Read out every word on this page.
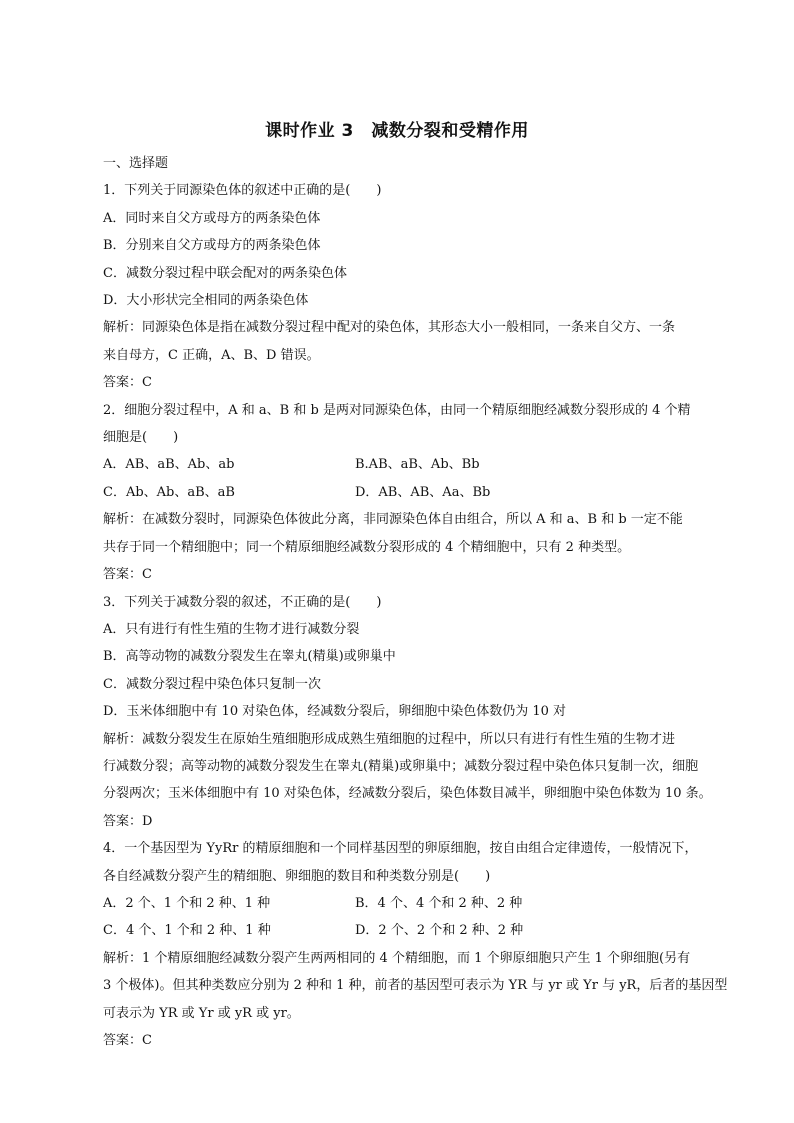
课时作业 3　减数分裂和受精作用
一、选择题
1．下列关于同源染色体的叙述中正确的是(　　)
A．同时来自父方或母方的两条染色体
B．分别来自父方或母方的两条染色体
C．减数分裂过程中联会配对的两条染色体
D．大小形状完全相同的两条染色体
解析：同源染色体是指在减数分裂过程中配对的染色体，其形态大小一般相同，一条来自父方、一条
来自母方，C 正确，A、B、D 错误。
答案：C
2．细胞分裂过程中，A 和 a、B 和 b 是两对同源染色体，由同一个精原细胞经减数分裂形成的 4 个精
细胞是(　　)
A．AB、aB、Ab、ab	B.AB、aB、Ab、Bb
C．Ab、Ab、aB、aB	D．AB、AB、Aa、Bb
解析：在减数分裂时，同源染色体彼此分离，非同源染色体自由组合，所以 A 和 a、B 和 b 一定不能
共存于同一个精细胞中；同一个精原细胞经减数分裂形成的 4 个精细胞中，只有 2 种类型。
答案：C
3．下列关于减数分裂的叙述，不正确的是(　　)
A．只有进行有性生殖的生物才进行减数分裂
B．高等动物的减数分裂发生在睾丸(精巢)或卵巢中
C．减数分裂过程中染色体只复制一次
D．玉米体细胞中有 10 对染色体，经减数分裂后，卵细胞中染色体数仍为 10 对
解析：减数分裂发生在原始生殖细胞形成成熟生殖细胞的过程中，所以只有进行有性生殖的生物才进
行减数分裂；高等动物的减数分裂发生在睾丸(精巢)或卵巢中；减数分裂过程中染色体只复制一次，细胞
分裂两次；玉米体细胞中有 10 对染色体，经减数分裂后，染色体数目减半，卵细胞中染色体数为 10 条。
答案：D
4．一个基因型为 YyRr 的精原细胞和一个同样基因型的卵原细胞，按自由组合定律遗传，一般情况下，
各自经减数分裂产生的精细胞、卵细胞的数目和种类数分别是(　　)
A．2 个、1 个和 2 种、1 种	B．4 个、4 个和 2 种、2 种
C．4 个、1 个和 2 种、1 种	D．2 个、2 个和 2 种、2 种
解析：1 个精原细胞经减数分裂产生两两相同的 4 个精细胞，而 1 个卵原细胞只产生 1 个卵细胞(另有
3 个极体)。但其种类数应分别为 2 种和 1 种，前者的基因型可表示为 YR 与 yr 或 Yr 与 yR，后者的基因型
可表示为 YR 或 Yr 或 yR 或 yr。
答案：C
